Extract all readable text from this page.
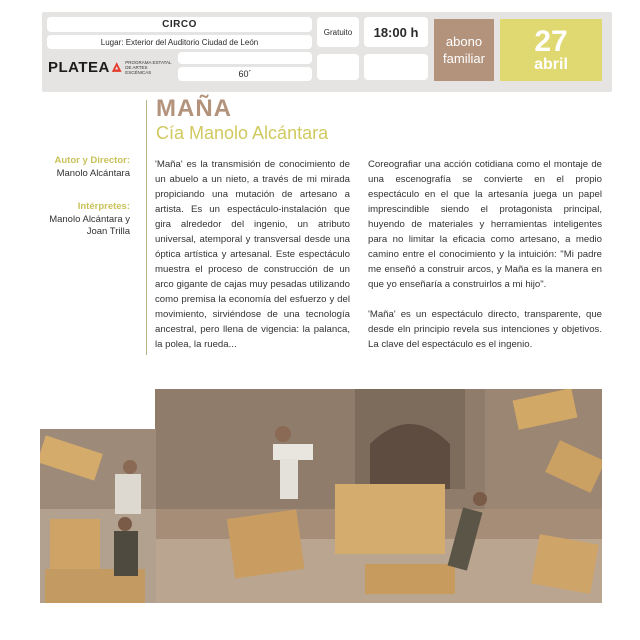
CIRCO
Lugar: Exterior del Auditorio Ciudad de León
60´
Gratuito	18:00 h
PLATEA	PROGRAMA ESTATAL DE ARTES ESCÉNICAS
abono
familiar
27
abril
MAÑA
Cía Manolo Alcántara
Autor y Director:
Manolo Alcántara
Intérpretes:
Manolo Alcántara y
Joan Trilla

'Maña' es la transmisión de conocimiento de un abuelo a un nieto, a través de mi mirada propiciando una mutación de artesano a artista. Es un espectáculo-instalación que gira alrededor del ingenio, un atributo universal, atemporal y transversal desde una óptica artística y artesanal. Este espectáculo muestra el proceso de construcción de un arco gigante de cajas muy pesadas utilizando como premisa la economía del esfuerzo y del movimiento, sirviéndose de una tecnología ancestral, pero llena de vigencia: la palanca, la polea, la rueda...

Coreografiar una acción cotidiana como el montaje de una escenografía se convierte en el propio espectáculo en el que la artesanía juega un papel imprescindible siendo el protagonista principal, huyendo de materiales y herramientas inteligentes para no limitar la eficacia como artesano, a medio camino entre el conocimiento y la intuición: "Mi padre me enseñó a construir arcos, y Maña es la manera en que yo enseñaría a construirlos a mi hijo".

'Maña' es un espectáculo directo, transparente, que desde eln principio revela sus intenciones y objetivos. La clave del espectáculo es el ingenio.
